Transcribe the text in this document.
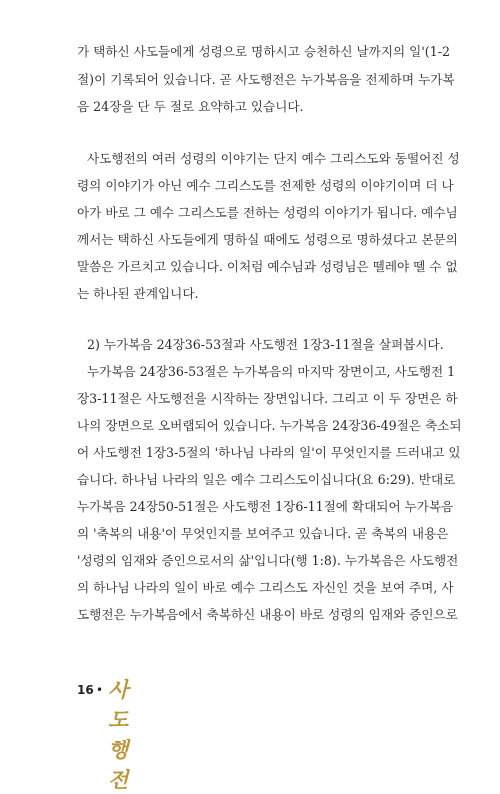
가 택하신 사도들에게 성령으로 명하시고 승천하신 날까지의 일'(1-2
절)이 기록되어 있습니다. 곧 사도행전은 누가복음을 전제하며 누가복
음 24장을 단 두 절로 요약하고 있습니다.
사도행전의 여러 성령의 이야기는 단지 예수 그리스도와 동떨어진 성
령의 이야기가 아닌 예수 그리스도를 전제한 성령의 이야기이며 더 나
아가 바로 그 예수 그리스도를 전하는 성령의 이야기가 됩니다. 예수님
께서는 택하신 사도들에게 명하실 때에도 성령으로 명하셨다고 본문의
말씀은 가르치고 있습니다. 이처럼 예수님과 성령님은 뗄레야 뗄 수 없
는 하나된 관계입니다.
2) 누가복음 24장36-53절과 사도행전 1장3-11절을 살펴봅시다.
누가복음 24장36-53절은 누가복음의 마지막 장면이고, 사도행전 1
장3-11절은 사도행전을 시작하는 장면입니다. 그리고 이 두 장면은 하
나의 장면으로 오버랩되어 있습니다. 누가복음 24장36-49절은 축소되
어 사도행전 1장3-5절의 '하나님 나라의 일'이 무엇인지를 드러내고 있
습니다. 하나님 나라의 일은 예수 그리스도이십니다(요 6:29). 반대로
누가복음 24장50-51절은 사도행전 1장6-11절에 확대되어 누가복음
의 '축복의 내용'이 무엇인지를 보여주고 있습니다. 곧 축복의 내용은
'성령의 임재와 증인으로서의 삶'입니다(행 1:8). 누가복음은 사도행전
의 하나님 나라의 일이 바로 예수 그리스도 자신인 것을 보여 주며, 사
도행전은 누가복음에서 축복하신 내용이 바로 성령의 임재와 증인으로
16 • 사도행전
